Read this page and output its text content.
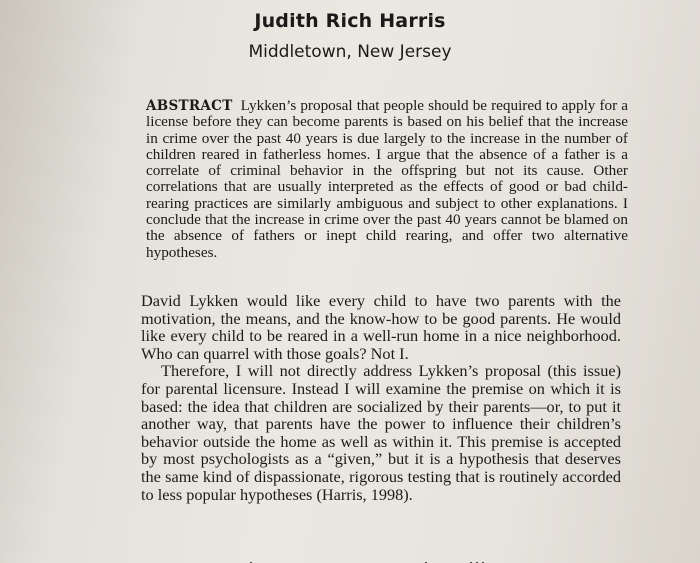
Judith Rich Harris
Middletown, New Jersey

ABSTRACT Lykken’s proposal that people should be required to apply for a license before they can become parents is based on his belief that the increase in crime over the past 40 years is due largely to the increase in the number of children reared in fatherless homes. I argue that the absence of a father is a correlate of criminal behavior in the offspring but not its cause. Other correlations that are usually interpreted as the effects of good or bad child-rearing practices are similarly ambiguous and subject to other explanations. I conclude that the increase in crime over the past 40 years cannot be blamed on the absence of fathers or inept child rearing, and offer two alternative hypotheses.

David Lykken would like every child to have two parents with the motivation, the means, and the know-how to be good parents. He would like every child to be reared in a well-run home in a nice neighborhood. Who can quarrel with those goals? Not I.

Therefore, I will not directly address Lykken’s proposal (this issue) for parental licensure. Instead I will examine the premise on which it is based: the idea that children are socialized by their parents—or, to put it another way, that parents have the power to influence their children’s behavior outside the home as well as within it. This premise is accepted by most psychologists as a “given,” but it is a hypothesis that deserves the same kind of dispassionate, rigorous testing that is routinely accorded to less popular hypotheses (Harris, 1998).
